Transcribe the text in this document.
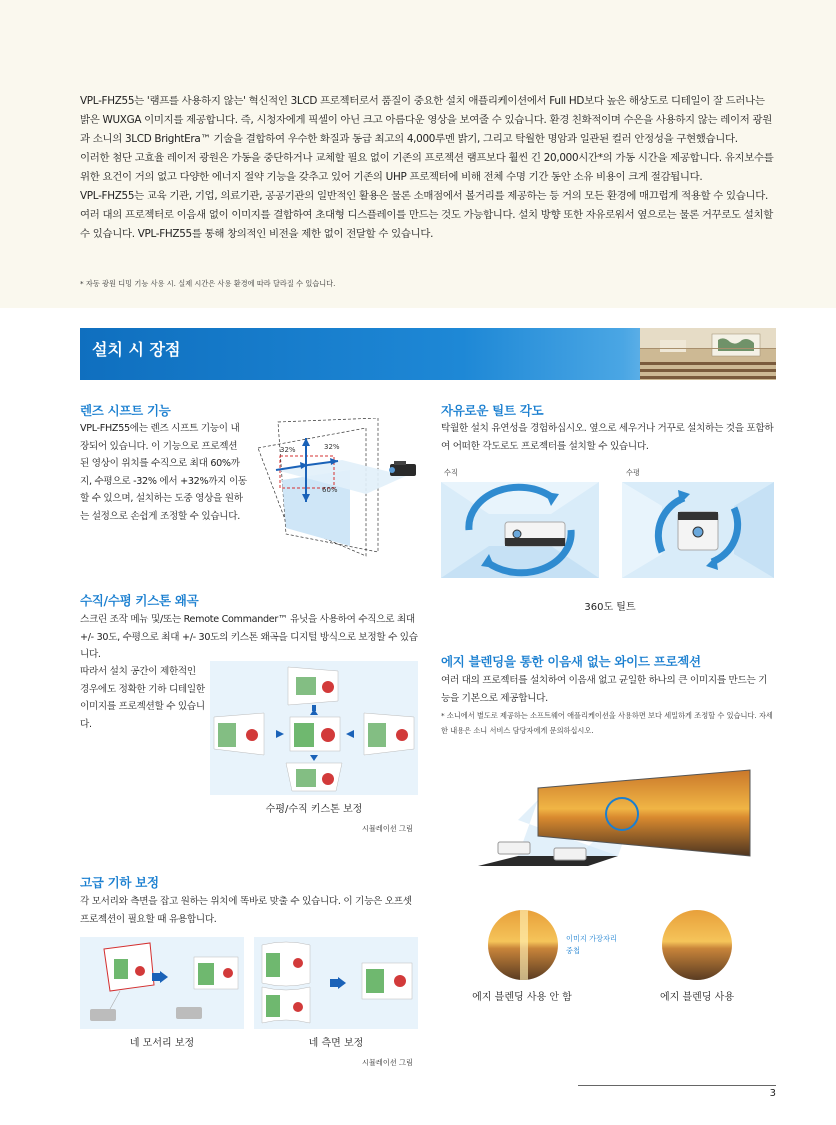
VPL-FHZ55는 '램프를 사용하지 않는' 혁신적인 3LCD 프로젝터로서 품질이 중요한 설치 애플리케이션에서 Full HD보다 높은 해상도로 디테일이 잘 드러나는 밝은 WUXGA 이미지를 제공합니다. 즉, 시청자에게 픽셀이 아닌 크고 아름다운 영상을 보여줄 수 있습니다. 환경 친화적이며 수은을 사용하지 않는 레이저 광원과 소니의 3LCD BrightEra™ 기술을 결합하여 우수한 화질과 동급 최고의 4,000루멘 밝기, 그리고 탁월한 명암과 일관된 컬러 안정성을 구현했습니다.

이러한 첨단 고효율 레이저 광원은 가동을 중단하거나 교체할 필요 없이 기존의 프로젝션 램프보다 훨씬 긴 20,000시간*의 가동 시간을 제공합니다. 유지보수를 위한 요건이 거의 없고 다양한 에너지 절약 기능을 갖추고 있어 기존의 UHP 프로젝터에 비해 전체 수명 기간 동안 소유 비용이 크게 절감됩니다.

VPL-FHZ55는 교육 기관, 기업, 의료기관, 공공기관의 일반적인 활용은 물론 소매점에서 볼거리를 제공하는 등 거의 모든 환경에 매끄럽게 적용할 수 있습니다. 여러 대의 프로젝터로 이음새 없이 이미지를 결합하여 초대형 디스플레이를 만드는 것도 가능합니다. 설치 방향 또한 자유로워서 옆으로는 물론 거꾸로도 설치할 수 있습니다. VPL-FHZ55를 통해 창의적인 비전을 제한 없이 전달할 수 있습니다.

* 자동 광원 디밍 기능 사용 시. 실제 시간은 사용 환경에 따라 달라질 수 있습니다.
설치 시 장점
렌즈 시프트 기능
VPL-FHZ55에는 렌즈 시프트 기능이 내장되어 있습니다. 이 기능으로 프로젝션 된 영상이 위치를 수직으로 최대 60%까지, 수평으로 -32% 에서 +32%까지 이동할 수 있으며, 설치하는 도중 영상을 원하는 설정으로 손쉽게 조정할 수 있습니다.
32%	32%
60%
자유로운 틸트 각도
탁월한 설치 유연성을 경험하십시오. 옆으로 세우거나 거꾸로 설치하는 것을 포함하여 어떠한 각도로도 프로젝터를 설치할 수 있습니다.
수직	수평
360도 틸트
수직/수평 키스톤 왜곡
스크린 조작 메뉴 및/또는 Remote Commander™ 유닛을 사용하여 수직으로 최대 +/- 30도, 수평으로 최대 +/- 30도의 키스톤 왜곡을 디지털 방식으로 보정할 수 있습니다.
따라서 설치 공간이 제한적인 경우에도 정확한 기하 디테일한 이미지를 프로젝션할 수 있습니다.
수평/수직 키스톤 보정
시뮬레이션 그림
고급 기하 보정
각 모서리와 측면을 잡고 원하는 위치에 똑바로 맞출 수 있습니다. 이 기능은 오프셋 프로젝션이 필요할 때 유용합니다.
네 모서리 보정	네 측면 보정
시뮬레이션 그림
에지 블렌딩을 통한 이음새 없는 와이드 프로젝션
여러 대의 프로젝터를 설치하여 이음새 없고 균일한 하나의 큰 이미지를 만드는 기능을 기본으로 제공합니다.
* 소니에서 별도로 제공하는 소프트웨어 애플리케이션을 사용하면 보다 세밀하게 조정할 수 있습니다. 자세한 내용은 소니 서비스 담당자에게 문의하십시오.
이미지 가장자리
중첩
에지 블렌딩 사용 안 함	에지 블렌딩 사용
3
